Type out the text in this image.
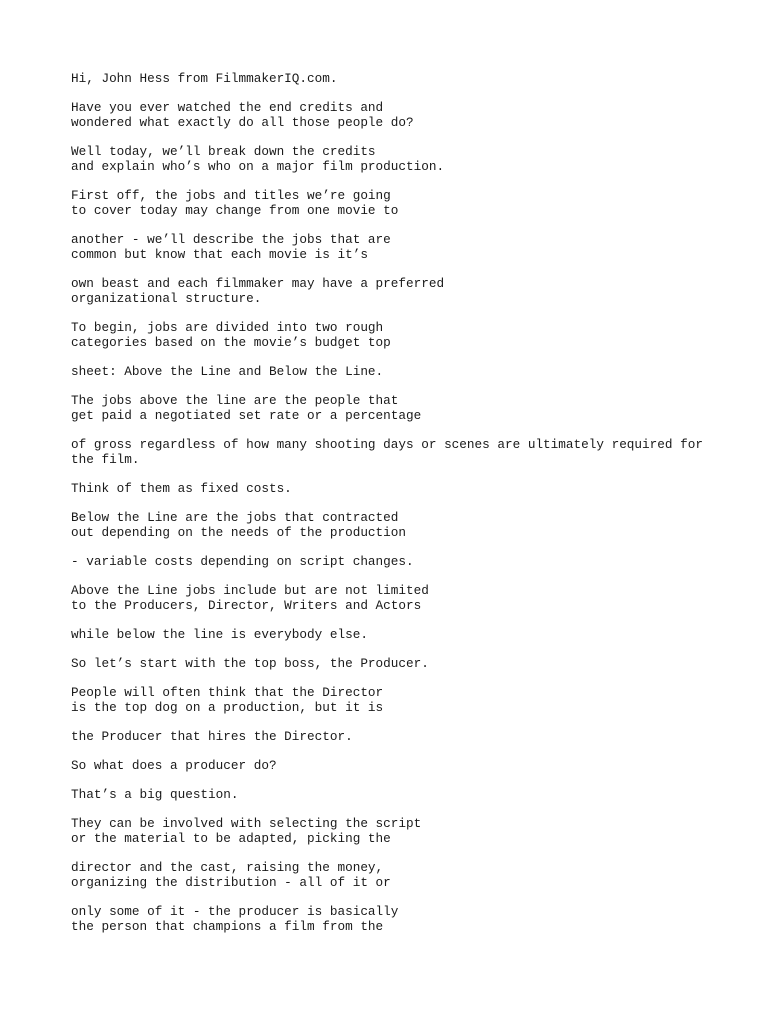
Hi, John Hess from FilmmakerIQ.com.

Have you ever watched the end credits and
wondered what exactly do all those people do?

Well today, we’ll break down the credits
and explain who’s who on a major film production.

First off, the jobs and titles we’re going
to cover today may change from one movie to

another - we’ll describe the jobs that are
common but know that each movie is it’s

own beast and each filmmaker may have a preferred
organizational structure.

To begin, jobs are divided into two rough
categories based on the movie’s budget top

sheet: Above the Line and Below the Line.

The jobs above the line are the people that
get paid a negotiated set rate or a percentage

of gross regardless of how many shooting days or scenes are ultimately required for
the film.

Think of them as fixed costs.

Below the Line are the jobs that contracted
out depending on the needs of the production

- variable costs depending on script changes.

Above the Line jobs include but are not limited
to the Producers, Director, Writers and Actors

while below the line is everybody else.

So let’s start with the top boss, the Producer.

People will often think that the Director
is the top dog on a production, but it is

the Producer that hires the Director.

So what does a producer do?

That’s a big question.

They can be involved with selecting the script
or the material to be adapted, picking the

director and the cast, raising the money,
organizing the distribution - all of it or

only some of it - the producer is basically
the person that champions a film from the
